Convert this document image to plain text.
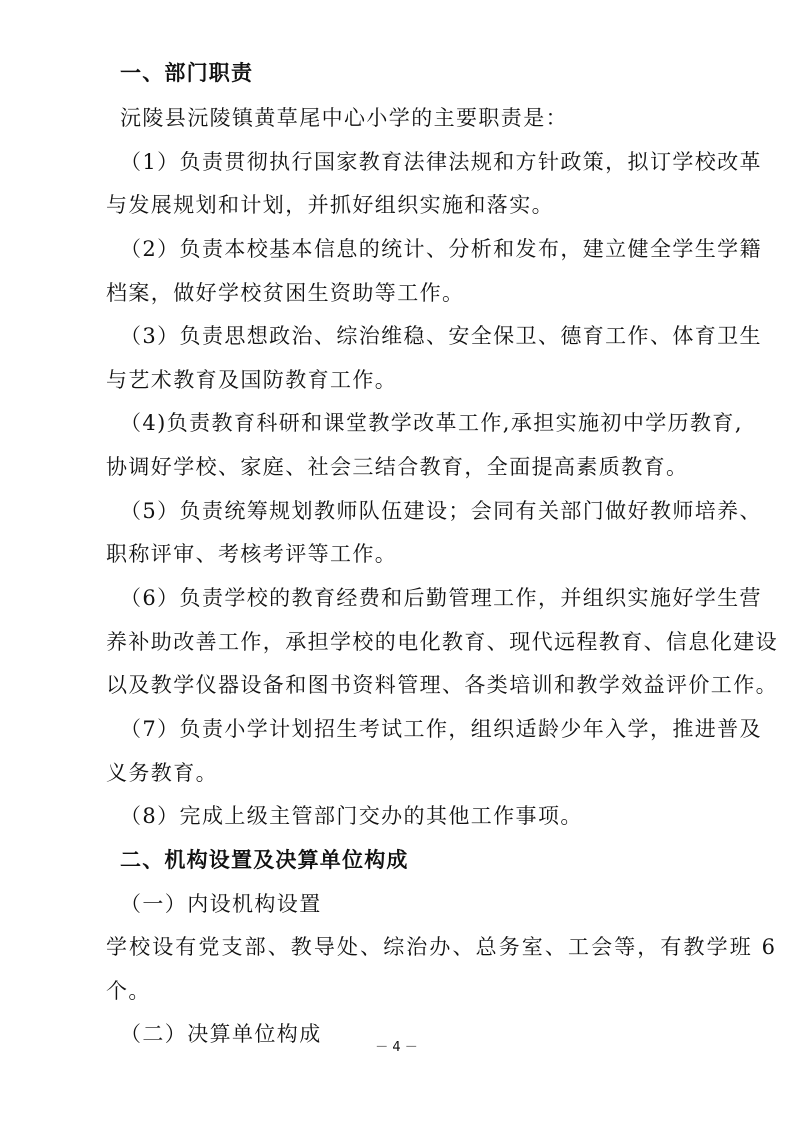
一、部门职责
沅陵县沅陵镇黄草尾中心小学的主要职责是：
（1）负责贯彻执行国家教育法律法规和方针政策，拟订学校改革
与发展规划和计划，并抓好组织实施和落实。
（2）负责本校基本信息的统计、分析和发布，建立健全学生学籍
档案，做好学校贫困生资助等工作。
（3）负责思想政治、综治维稳、安全保卫、德育工作、体育卫生
与艺术教育及国防教育工作。
（4)负责教育科研和课堂教学改革工作,承担实施初中学历教育,
协调好学校、家庭、社会三结合教育，全面提高素质教育。
（5）负责统筹规划教师队伍建设；会同有关部门做好教师培养、
职称评审、考核考评等工作。
（6）负责学校的教育经费和后勤管理工作，并组织实施好学生营
养补助改善工作，承担学校的电化教育、现代远程教育、信息化建设
以及教学仪器设备和图书资料管理、各类培训和教学效益评价工作。
（7）负责小学计划招生考试工作，组织适龄少年入学，推进普及
义务教育。
（8）完成上级主管部门交办的其他工作事项。
二、机构设置及决算单位构成
（一）内设机构设置
学校设有党支部、教导处、综治办、总务室、工会等，有教学班 6
个。
（二）决算单位构成
－ 4 －
